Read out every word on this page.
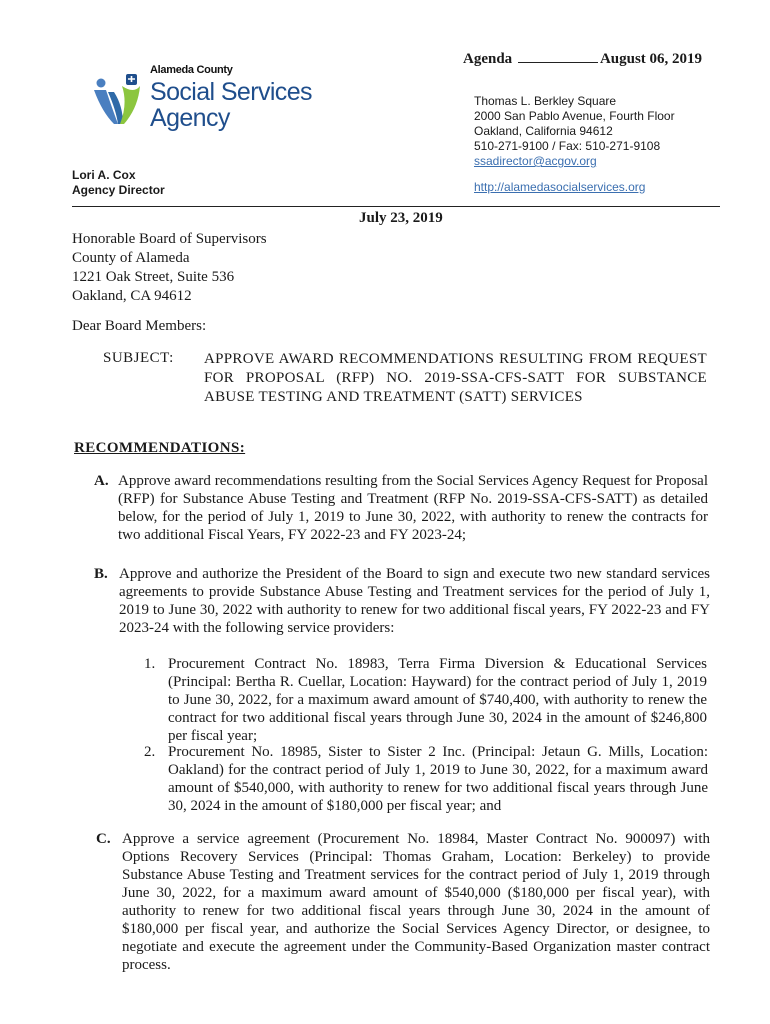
Agenda	August 06, 2019
Alameda County
Social Services
Agency
Thomas L. Berkley Square
2000 San Pablo Avenue, Fourth Floor
Oakland, California 94612
510-271-9100 / Fax: 510-271-9108
ssadirector@acgov.org
http://alamedasocialservices.org
Lori A. Cox
Agency Director
July 23, 2019
Honorable Board of Supervisors
County of Alameda
1221 Oak Street, Suite 536
Oakland, CA 94612
Dear Board Members:
SUBJECT: APPROVE AWARD RECOMMENDATIONS RESULTING FROM REQUEST FOR PROPOSAL (RFP) NO. 2019-SSA-CFS-SATT FOR SUBSTANCE ABUSE TESTING AND TREATMENT (SATT) SERVICES
RECOMMENDATIONS:
A. Approve award recommendations resulting from the Social Services Agency Request for Proposal (RFP) for Substance Abuse Testing and Treatment (RFP No. 2019-SSA-CFS-SATT) as detailed below, for the period of July 1, 2019 to June 30, 2022, with authority to renew the contracts for two additional Fiscal Years, FY 2022-23 and FY 2023-24;
B. Approve and authorize the President of the Board to sign and execute two new standard services agreements to provide Substance Abuse Testing and Treatment services for the period of July 1, 2019 to June 30, 2022 with authority to renew for two additional fiscal years, FY 2022-23 and FY 2023-24 with the following service providers:
1. Procurement Contract No. 18983, Terra Firma Diversion & Educational Services (Principal: Bertha R. Cuellar, Location: Hayward) for the contract period of July 1, 2019 to June 30, 2022, for a maximum award amount of $740,400, with authority to renew the contract for two additional fiscal years through June 30, 2024 in the amount of $246,800 per fiscal year;
2. Procurement No. 18985, Sister to Sister 2 Inc. (Principal: Jetaun G. Mills, Location: Oakland) for the contract period of July 1, 2019 to June 30, 2022, for a maximum award amount of $540,000, with authority to renew for two additional fiscal years through June 30, 2024 in the amount of $180,000 per fiscal year; and
C. Approve a service agreement (Procurement No. 18984, Master Contract No. 900097) with Options Recovery Services (Principal: Thomas Graham, Location: Berkeley) to provide Substance Abuse Testing and Treatment services for the contract period of July 1, 2019 through June 30, 2022, for a maximum award amount of $540,000 ($180,000 per fiscal year), with authority to renew for two additional fiscal years through June 30, 2024 in the amount of $180,000 per fiscal year, and authorize the Social Services Agency Director, or designee, to negotiate and execute the agreement under the Community-Based Organization master contract process.
